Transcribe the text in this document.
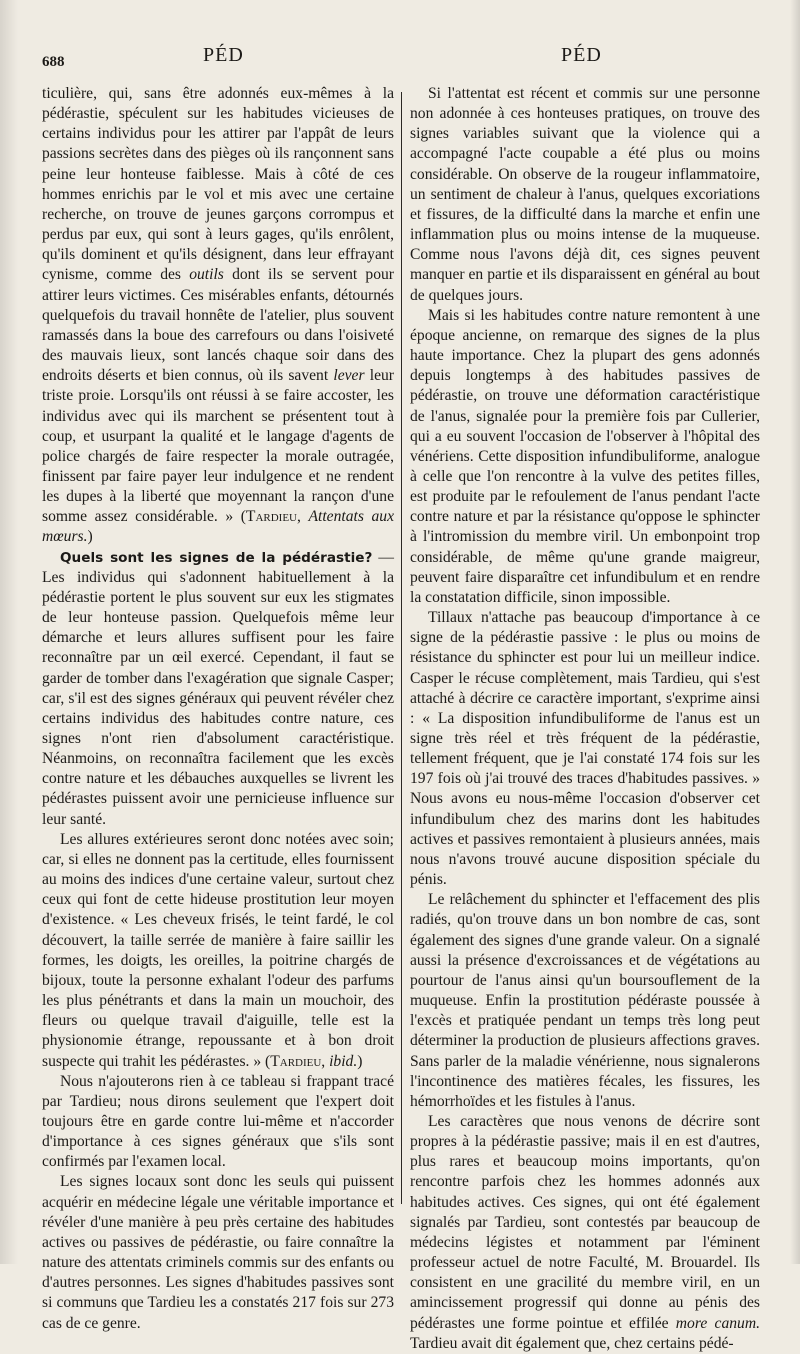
688	PÉD	PÉD

ticulière, qui, sans être adonnés eux-mêmes à la pédérastie, spéculent sur les habitudes vicieuses de certains individus pour les attirer par l'appât de leurs passions secrètes dans des pièges où ils rançonnent sans peine leur honteuse faiblesse. Mais à côté de ces hommes enrichis par le vol et mis avec une certaine recherche, on trouve de jeunes garçons corrompus et perdus par eux, qui sont à leurs gages, qu'ils enrôlent, qu'ils dominent et qu'ils désignent, dans leur effrayant cynisme, comme des outils dont ils se servent pour attirer leurs victimes. Ces misérables enfants, détournés quelquefois du travail honnête de l'atelier, plus souvent ramassés dans la boue des carrefours ou dans l'oisiveté des mauvais lieux, sont lancés chaque soir dans des endroits déserts et bien connus, où ils savent lever leur triste proie. Lorsqu'ils ont réussi à se faire accoster, les individus avec qui ils marchent se présentent tout à coup, et usurpant la qualité et le langage d'agents de police chargés de faire respecter la morale outragée, finissent par faire payer leur indulgence et ne rendent les dupes à la liberté que moyennant la rançon d'une somme assez considérable. » (Tardieu, Attentats aux mœurs.)

Quels sont les signes de la pédérastie? — Les individus qui s'adonnent habituellement à la pédérastie portent le plus souvent sur eux les stigmates de leur honteuse passion. Quelquefois même leur démarche et leurs allures suffisent pour les faire reconnaître par un œil exercé. Cependant, il faut se garder de tomber dans l'exagération que signale Casper; car, s'il est des signes généraux qui peuvent révéler chez certains individus des habitudes contre nature, ces signes n'ont rien d'absolument caractéristique. Néanmoins, on reconnaîtra facilement que les excès contre nature et les débauches auxquelles se livrent les pédérastes puissent avoir une pernicieuse influence sur leur santé.

Les allures extérieures seront donc notées avec soin; car, si elles ne donnent pas la certitude, elles fournissent au moins des indices d'une certaine valeur, surtout chez ceux qui font de cette hideuse prostitution leur moyen d'existence. « Les cheveux frisés, le teint fardé, le col découvert, la taille serrée de manière à faire saillir les formes, les doigts, les oreilles, la poitrine chargés de bijoux, toute la personne exhalant l'odeur des parfums les plus pénétrants et dans la main un mouchoir, des fleurs ou quelque travail d'aiguille, telle est la physionomie étrange, repoussante et à bon droit suspecte qui trahit les pédérastes. » (Tardieu, ibid.)

Nous n'ajouterons rien à ce tableau si frappant tracé par Tardieu; nous dirons seulement que l'expert doit toujours être en garde contre lui-même et n'accorder d'importance à ces signes généraux que s'ils sont confirmés par l'examen local.

Les signes locaux sont donc les seuls qui puissent acquérir en médecine légale une véritable importance et révéler d'une manière à peu près certaine des habitudes actives ou passives de pédérastie, ou faire connaître la nature des attentats criminels commis sur des enfants ou d'autres personnes. Les signes d'habitudes passives sont si communs que Tardieu les a constatés 217 fois sur 273 cas de ce genre.

Si l'attentat est récent et commis sur une personne non adonnée à ces honteuses pratiques, on trouve des signes variables suivant que la violence qui a accompagné l'acte coupable a été plus ou moins considérable. On observe de la rougeur inflammatoire, un sentiment de chaleur à l'anus, quelques excoriations et fissures, de la difficulté dans la marche et enfin une inflammation plus ou moins intense de la muqueuse. Comme nous l'avons déjà dit, ces signes peuvent manquer en partie et ils disparaissent en général au bout de quelques jours.

Mais si les habitudes contre nature remontent à une époque ancienne, on remarque des signes de la plus haute importance. Chez la plupart des gens adonnés depuis longtemps à des habitudes passives de pédérastie, on trouve une déformation caractéristique de l'anus, signalée pour la première fois par Cullerier, qui a eu souvent l'occasion de l'observer à l'hôpital des vénériens. Cette disposition infundibuliforme, analogue à celle que l'on rencontre à la vulve des petites filles, est produite par le refoulement de l'anus pendant l'acte contre nature et par la résistance qu'oppose le sphincter à l'intromission du membre viril. Un embonpoint trop considérable, de même qu'une grande maigreur, peuvent faire disparaître cet infundibulum et en rendre la constatation difficile, sinon impossible.

Tillaux n'attache pas beaucoup d'importance à ce signe de la pédérastie passive : le plus ou moins de résistance du sphincter est pour lui un meilleur indice. Casper le récuse complètement, mais Tardieu, qui s'est attaché à décrire ce caractère important, s'exprime ainsi : « La disposition infundibuliforme de l'anus est un signe très réel et très fréquent de la pédérastie, tellement fréquent, que je l'ai constaté 174 fois sur les 197 fois où j'ai trouvé des traces d'habitudes passives. » Nous avons eu nous-même l'occasion d'observer cet infundibulum chez des marins dont les habitudes actives et passives remontaient à plusieurs années, mais nous n'avons trouvé aucune disposition spéciale du pénis.

Le relâchement du sphincter et l'effacement des plis radiés, qu'on trouve dans un bon nombre de cas, sont également des signes d'une grande valeur. On a signalé aussi la présence d'excroissances et de végétations au pourtour de l'anus ainsi qu'un boursouflement de la muqueuse. Enfin la prostitution pédéraste poussée à l'excès et pratiquée pendant un temps très long peut déterminer la production de plusieurs affections graves. Sans parler de la maladie vénérienne, nous signalerons l'incontinence des matières fécales, les fissures, les hémorrhoïdes et les fistules à l'anus.

Les caractères que nous venons de décrire sont propres à la pédérastie passive; mais il en est d'autres, plus rares et beaucoup moins importants, qu'on rencontre parfois chez les hommes adonnés aux habitudes actives. Ces signes, qui ont été également signalés par Tardieu, sont contestés par beaucoup de médecins légistes et notamment par l'éminent professeur actuel de notre Faculté, M. Brouardel. Ils consistent en une gracilité du membre viril, en un amincissement progressif qui donne au pénis des pédérastes une forme pointue et effilée more canum. Tardieu avait dit également que, chez certains pédé-
